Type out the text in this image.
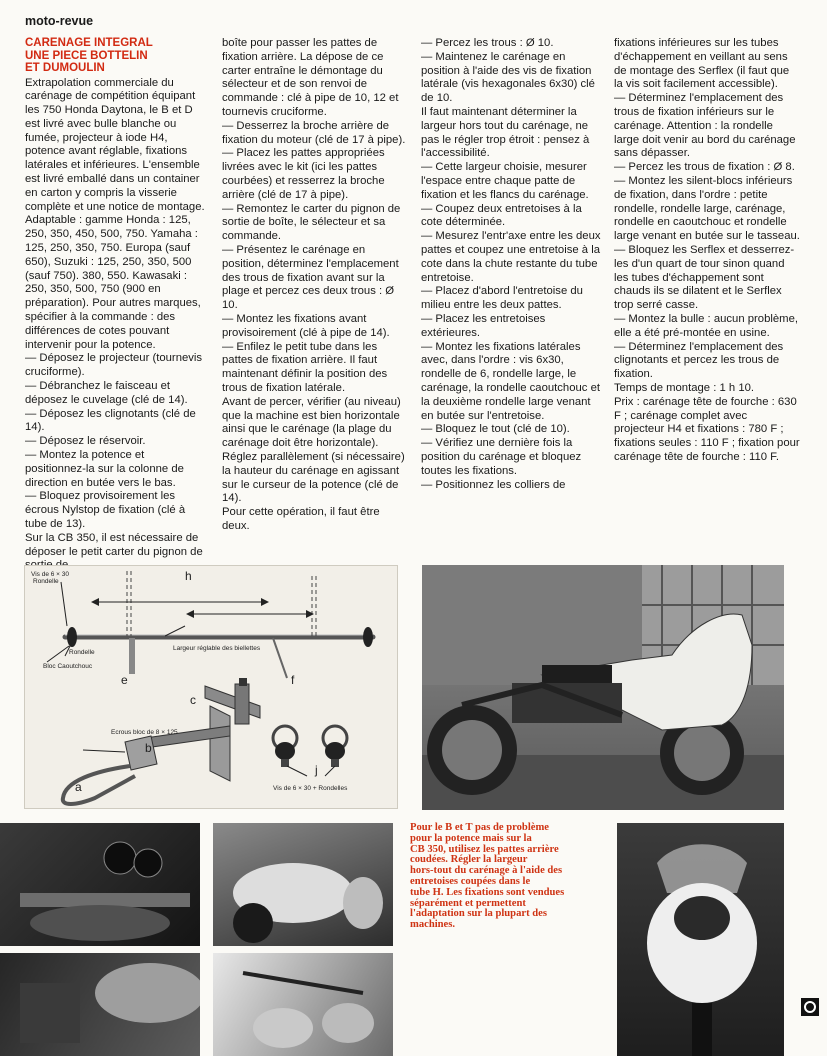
moto-revue

CARENAGE INTEGRAL
UNE PIECE BOTTELIN
ET DUMOULIN

Extrapolation commerciale du carénage de compétition équipant les 750 Honda Daytona, le B et D est livré avec bulle blanche ou fumée, projecteur à iode H4, potence avant réglable, fixations latérales et inférieures. L'ensemble est livré emballé dans un container en carton y compris la visserie complète et une notice de montage.

Adaptable : gamme Honda : 125, 250, 350, 450, 500, 750. Yamaha : 125, 250, 350, 750. Europa (sauf 650), Suzuki : 125, 250, 350, 500 (sauf 750). 380, 550. Kawasaki : 250, 350, 500, 750 (900 en préparation). Pour autres marques, spécifier à la commande : des différences de cotes pouvant intervenir pour la potence.

— Déposez le projecteur (tournevis cruciforme).

— Débranchez le faisceau et déposez le cuvelage (clé de 14).

— Déposez les clignotants (clé de 14).

— Déposez le réservoir.

— Montez la potence et positionnez-la sur la colonne de direction en butée vers le bas.

— Bloquez provisoirement les écrous Nylstop de fixation (clé à tube de 13).

Sur la CB 350, il est nécessaire de déposer le petit carter du pignon de

boîte pour passer les pattes de fixation arrière. La dépose de ce carter entraîne le démontage du sélecteur et de son renvoi de commande : clé à pipe de 10, 12 et tournevis cruciforme.

— Desserrez la broche arrière de fixation du moteur (clé de 17 à pipe).

— Placez les pattes appropriées livrées avec le kit (ici les pattes courbées) et resserrez la broche arrière (clé de 17 à pipe).

— Remontez le carter du pignon de sortie de boîte, le sélecteur et sa commande.

— Présentez le carénage en position, déterminez l'emplacement des trous de fixation avant sur la plage et percez ces deux trous : Ø 10.

— Montez les fixations avant provisoirement (clé à pipe de 14).

— Enfilez le petit tube dans les pattes de fixation arrière. Il faut maintenant définir la position des trous de fixation latérale.

Avant de percer, vérifier (au niveau) que la machine est bien horizontale ainsi que le carénage (la plage du carénage doit être horizontale). Réglez parallèlement (si nécessaire) la hauteur du carénage en agissant sur le curseur de la potence (clé de 14).

Pour cette opération, il faut être deux.

— Percez les trous : Ø 10.

— Maintenez le carénage en position à l'aide des vis de fixation latérale (vis hexagonales 6x30) clé de 10.

Il faut maintenant déterminer la largeur hors tout du carénage, ne pas le régler trop étroit : pensez à l'accessibilité.

— Cette largeur choisie, mesurer l'espace entre chaque patte de fixation et les flancs du carénage.

— Coupez deux entretoises à la cote déterminée.

— Mesurez l'entr'axe entre les deux pattes et coupez une entretoise à la cote dans la chute restante du tube entretoise.

— Placez d'abord l'entretoise du milieu entre les deux pattes.

— Placez les entretoises extérieures.

— Montez les fixations latérales avec, dans l'ordre : vis 6x30, rondelle de 6, rondelle large, le carénage, la rondelle caoutchouc et la deuxième rondelle large venant en butée sur l'entretoise.

— Bloquez le tout (clé de 10).

— Vérifiez une dernière fois la position du carénage et bloquez toutes les fixations.

— Positionnez les colliers de

fixations inférieures sur les tubes d'échappement en veillant au sens de montage des Serflex (il faut que la vis soit facilement accessible).

— Déterminez l'emplacement des trous de fixation inférieurs sur le carénage. Attention : la rondelle large doit venir au bord du carénage sans dépasser.

— Percez les trous de fixation : Ø 8.

— Montez les silent-blocs inférieurs de fixation, dans l'ordre : petite rondelle, rondelle large, carénage, rondelle en caoutchouc et rondelle large venant en butée sur le tasseau.

— Bloquez les Serflex et desserrez-les d'un quart de tour sinon quand les tubes d'échappement sont chauds ils se dilatent et le Serflex trop serré casse.

— Montez la bulle : aucun problème, elle a été pré-montée en usine.

— Déterminez l'emplacement des clignotants et percez les trous de fixation.

Temps de montage : 1 h 10.

Prix : carénage tête de fourche : 630 F ; carénage complet avec projecteur H4 et fixations : 780 F ; fixations seules : 110 F ; fixation pour carénage tête de fourche : 110 F.

Vis de 6 × 30
Rondelle	h
Rondelle
Bloc Caoutchouc
Largeur réglable des biellettes
e	f
c
Ecrous bloc de 8 × 125
b
a
j
Vis de 6 × 30 + Rondelles

Pour le B et T pas de problème

pour la potence mais sur la

CB 350, utilisez les pattes arrière

coudées. Régler la largeur

hors-tout du carénage à l'aide des

entretoises coupées dans le

tube H. Les fixations sont vendues

séparément et permettent

l'adaptation sur la plupart des

machines.
